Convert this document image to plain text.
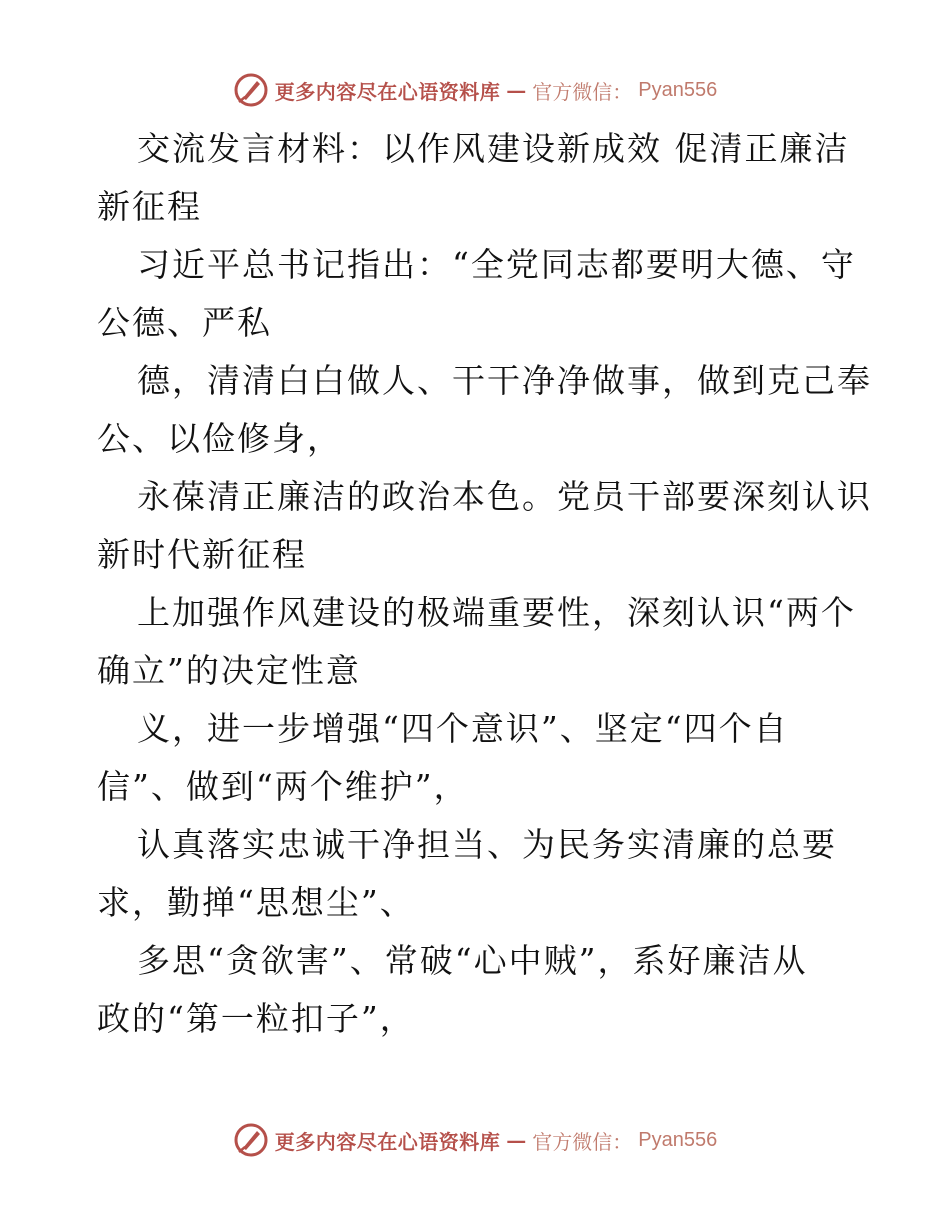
更多内容尽在心语资料库 — 官方微信： Pyan556
交流发言材料：以作风建设新成效 促清正廉洁
新征程
习近平总书记指出：“全党同志都要明大德、守
公德、严私
德，清清白白做人、干干净净做事，做到克己奉
公、以俭修身，
永葆清正廉洁的政治本色。党员干部要深刻认识
新时代新征程
上加强作风建设的极端重要性，深刻认识“两个
确立”的决定性意
义，进一步增强“四个意识”、坚定“四个自
信”、做到“两个维护”，
认真落实忠诚干净担当、为民务实清廉的总要
求，勤掸“思想尘”、
多思“贪欲害”、常破“心中贼”，系好廉洁从
政的“第一粒扣子”，
更多内容尽在心语资料库 — 官方微信： Pyan556
